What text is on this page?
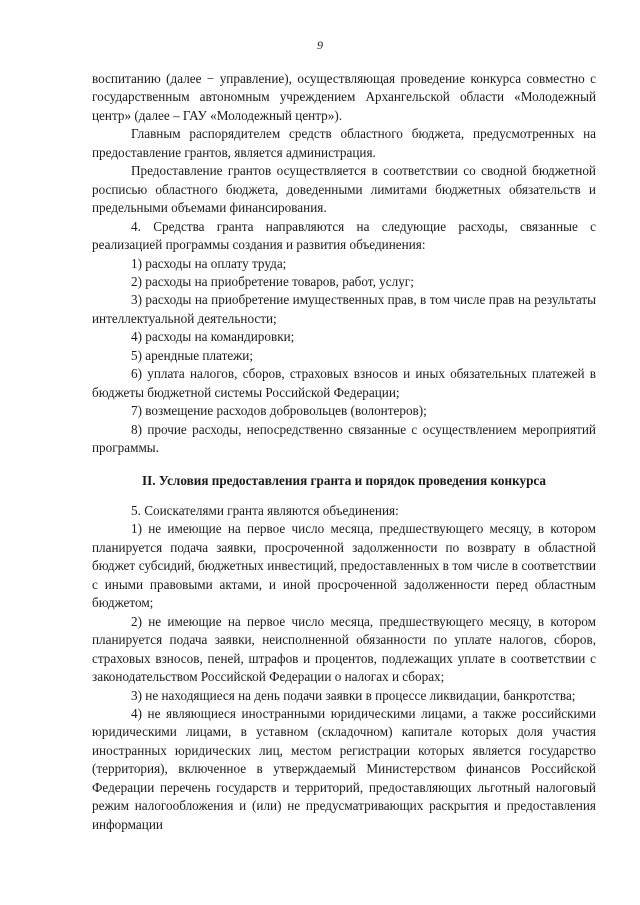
9

воспитанию (далее − управление), осуществляющая проведение конкурса совместно с государственным автономным учреждением Архангельской области «Молодежный центр» (далее – ГАУ «Молодежный центр»).

Главным распорядителем средств областного бюджета, предусмотренных на предоставление грантов, является администрация.

Предоставление грантов осуществляется в соответствии со сводной бюджетной росписью областного бюджета, доведенными лимитами бюджетных обязательств и предельными объемами финансирования.

4. Средства гранта направляются на следующие расходы, связанные с реализацией программы создания и развития объединения:

1) расходы на оплату труда;

2) расходы на приобретение товаров, работ, услуг;

3) расходы на приобретение имущественных прав, в том числе прав на результаты интеллектуальной деятельности;

4) расходы на командировки;

5) арендные платежи;

6) уплата налогов, сборов, страховых взносов и иных обязательных платежей в бюджеты бюджетной системы Российской Федерации;

7) возмещение расходов добровольцев (волонтеров);

8) прочие расходы, непосредственно связанные с осуществлением мероприятий программы.

II. Условия предоставления гранта и порядок проведения конкурса

5. Соискателями гранта являются объединения:

1) не имеющие на первое число месяца, предшествующего месяцу, в котором планируется подача заявки, просроченной задолженности по возврату в областной бюджет субсидий, бюджетных инвестиций, предоставленных в том числе в соответствии с иными правовыми актами, и иной просроченной задолженности перед областным бюджетом;

2) не имеющие на первое число месяца, предшествующего месяцу, в котором планируется подача заявки, неисполненной обязанности по уплате налогов, сборов, страховых взносов, пеней, штрафов и процентов, подлежащих уплате в соответствии с законодательством Российской Федерации о налогах и сборах;

3) не находящиеся на день подачи заявки в процессе ликвидации, банкротства;

4) не являющиеся иностранными юридическими лицами, а также российскими юридическими лицами, в уставном (складочном) капитале которых доля участия иностранных юридических лиц, местом регистрации которых является государство (территория), включенное в утверждаемый Министерством финансов Российской Федерации перечень государств и территорий, предоставляющих льготный налоговый режим налогообложения и (или) не предусматривающих раскрытия и предоставления информации
